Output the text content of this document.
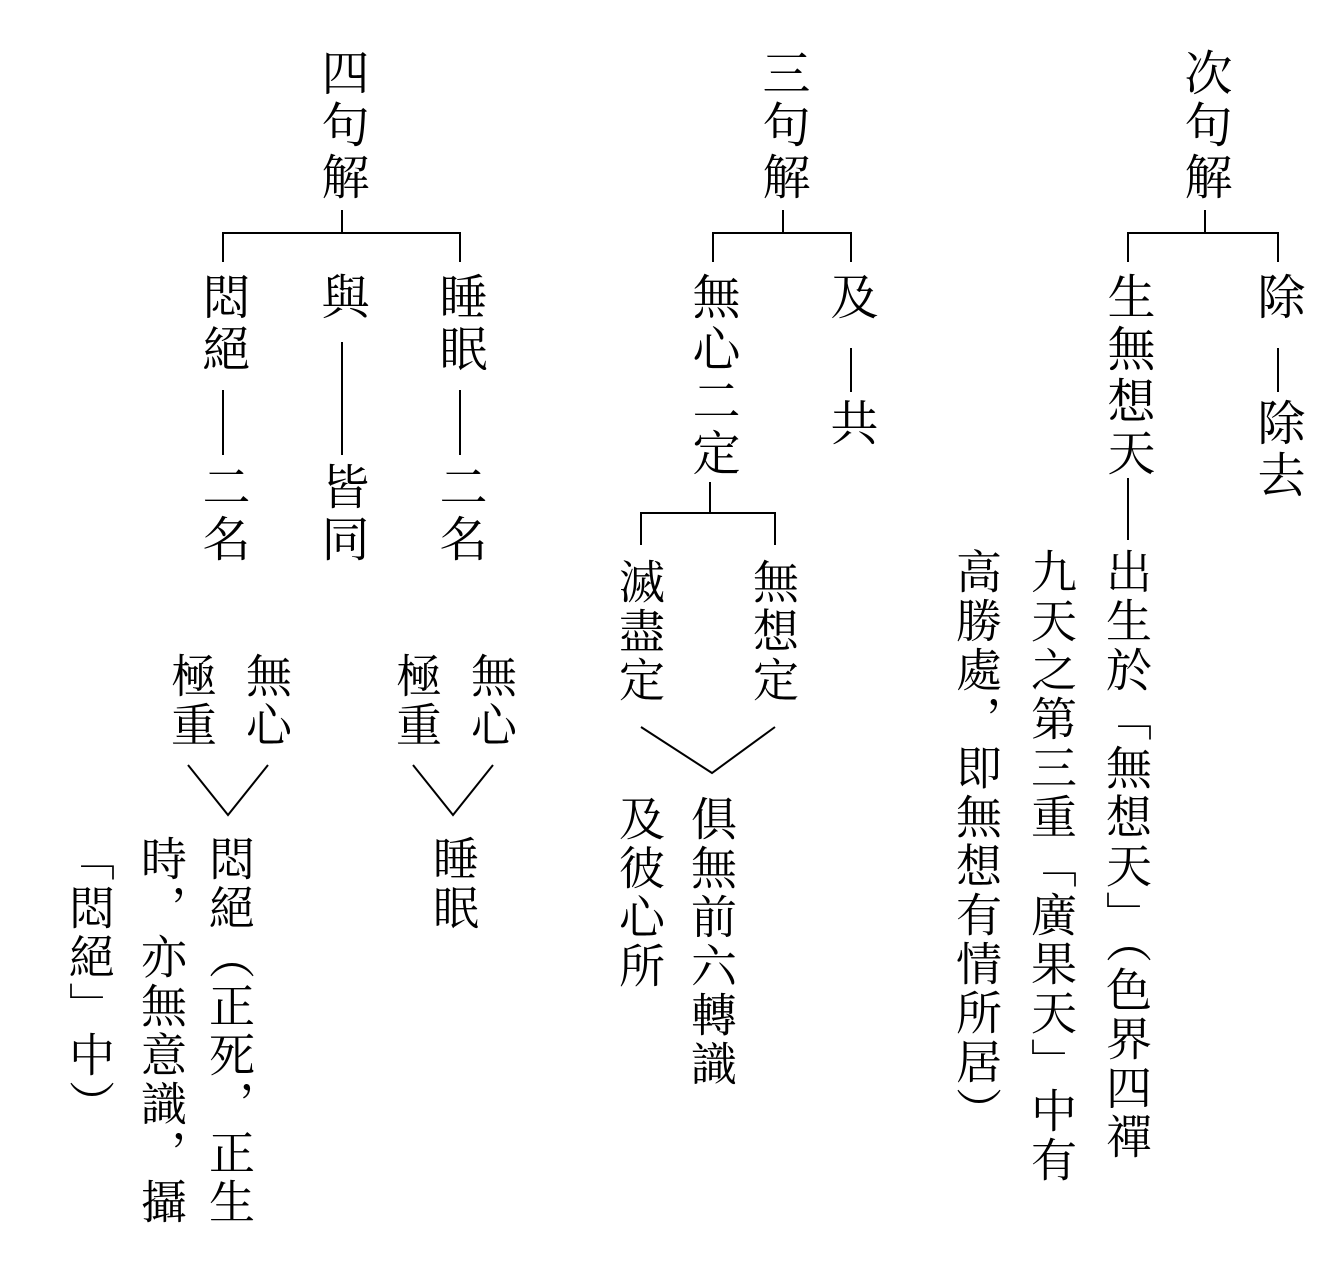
次句解
除
除去
生無想天
出生於「無想天」（色界四禪
九天之第三重「廣果天」中有
高勝處，即無想有情所居）
三句解
及
共
無心二定
無想定
滅盡定
俱無前六轉識
及彼心所
四句解
睡眠
二名
與
皆同
悶絕
二名
無心
極重
睡眠
無心
極重
悶絕（正死，正生
時，亦無意識，攝
「悶絕」中）
